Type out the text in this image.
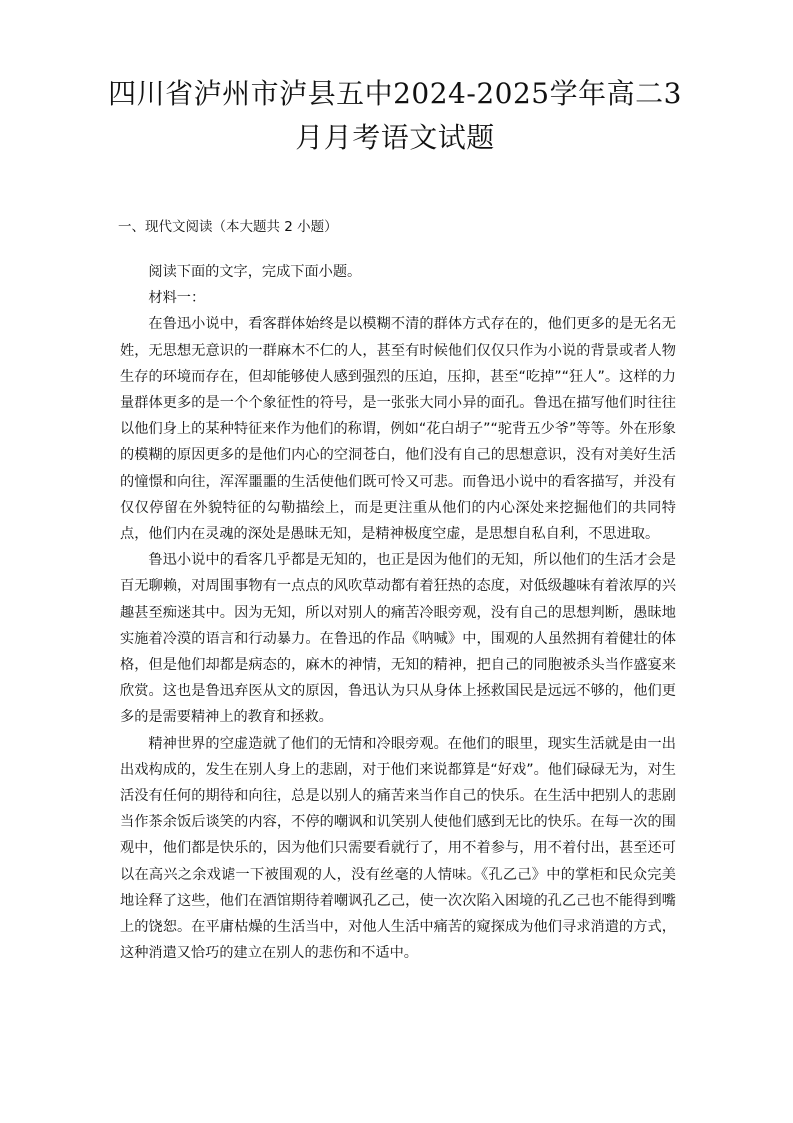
四川省泸州市泸县五中2024-2025学年高二3
月月考语文试题
一、现代文阅读（本大题共 2 小题）

阅读下面的文字，完成下面小题。

材料一：

在鲁迅小说中，看客群体始终是以模糊不清的群体方式存在的，他们更多的是无名无姓，无思想无意识的一群麻木不仁的人，甚至有时候他们仅仅只作为小说的背景或者人物生存的环境而存在，但却能够使人感到强烈的压迫，压抑，甚至“吃掉”“狂人”。这样的力量群体更多的是一个个象征性的符号，是一张张大同小异的面孔。鲁迅在描写他们时往往以他们身上的某种特征来作为他们的称谓，例如“花白胡子”“驼背五少爷”等等。外在形象的模糊的原因更多的是他们内心的空洞苍白，他们没有自己的思想意识，没有对美好生活的憧憬和向往，浑浑噩噩的生活使他们既可怜又可悲。而鲁迅小说中的看客描写，并没有仅仅停留在外貌特征的勾勒描绘上，而是更注重从他们的内心深处来挖掘他们的共同特点，他们内在灵魂的深处是愚昧无知，是精神极度空虚，是思想自私自利，不思进取。

鲁迅小说中的看客几乎都是无知的，也正是因为他们的无知，所以他们的生活才会是百无聊赖，对周围事物有一点点的风吹草动都有着狂热的态度，对低级趣味有着浓厚的兴趣甚至痴迷其中。因为无知，所以对别人的痛苦冷眼旁观，没有自己的思想判断，愚昧地实施着冷漠的语言和行动暴力。在鲁迅的作品《呐喊》中，围观的人虽然拥有着健壮的体格，但是他们却都是病态的，麻木的神情，无知的精神，把自己的同胞被杀头当作盛宴来欣赏。这也是鲁迅弃医从文的原因，鲁迅认为只从身体上拯救国民是远远不够的，他们更多的是需要精神上的教育和拯救。

精神世界的空虚造就了他们的无情和冷眼旁观。在他们的眼里，现实生活就是由一出出戏构成的，发生在别人身上的悲剧，对于他们来说都算是“好戏”。他们碌碌无为，对生活没有任何的期待和向往，总是以别人的痛苦来当作自己的快乐。在生活中把别人的悲剧当作茶余饭后谈笑的内容，不停的嘲讽和讥笑别人使他们感到无比的快乐。在每一次的围观中，他们都是快乐的，因为他们只需要看就行了，用不着参与，用不着付出，甚至还可以在高兴之余戏谑一下被围观的人，没有丝毫的人情味。《孔乙己》中的掌柜和民众完美地诠释了这些，他们在酒馆期待着嘲讽孔乙己，使一次次陷入困境的孔乙己也不能得到嘴上的饶恕。在平庸枯燥的生活当中，对他人生活中痛苦的窥探成为他们寻求消遣的方式，这种消遣又恰巧的建立在别人的悲伤和不适中。
